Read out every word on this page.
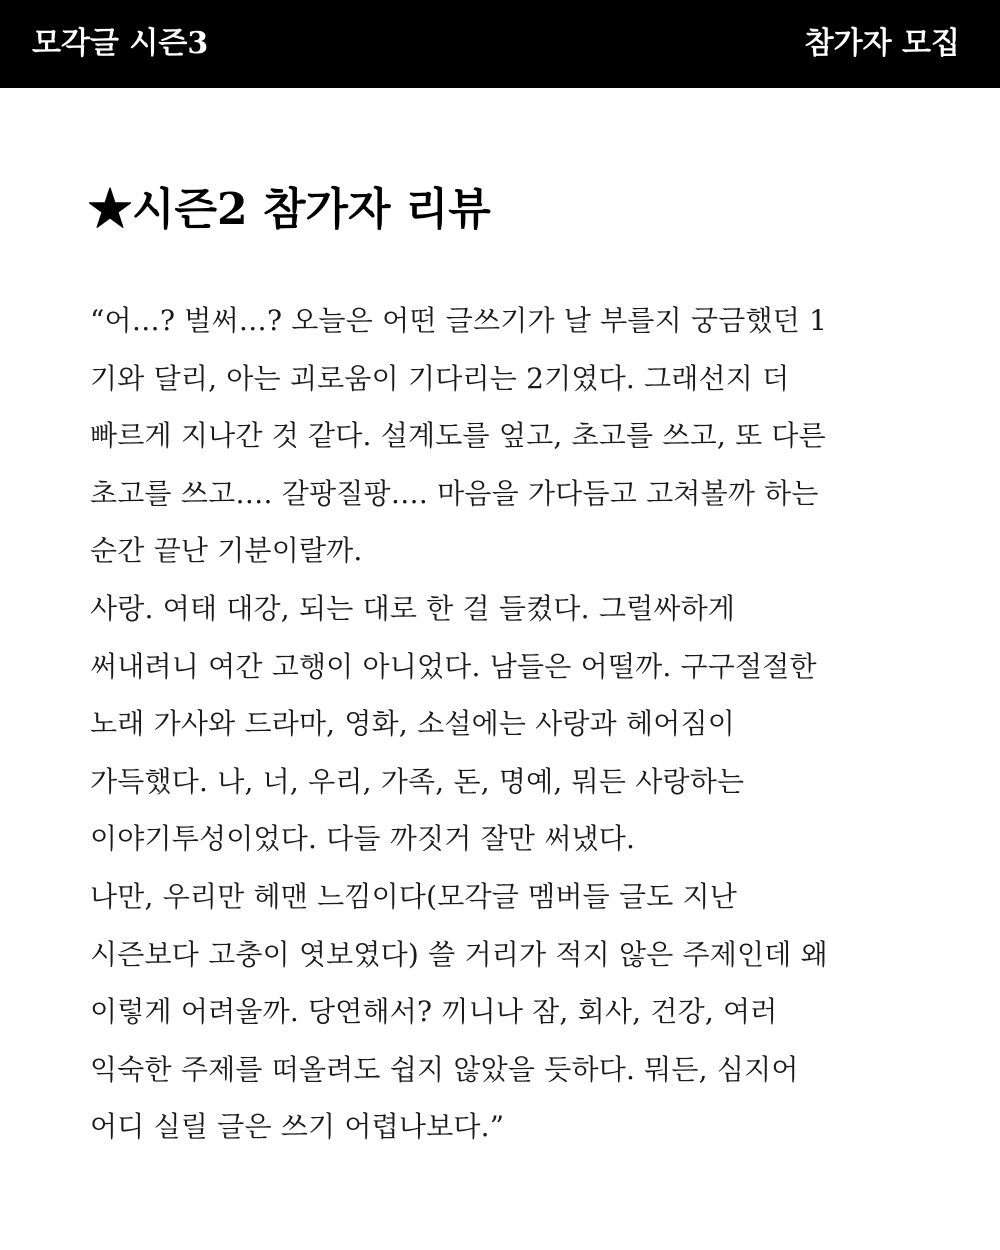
모각글 시즌3	참가자 모집
★시즌2 참가자 리뷰
“어…? 벌써…? 오늘은 어떤 글쓰기가 날 부를지 궁금했던 1
기와 달리, 아는 괴로움이 기다리는 2기였다. 그래선지 더
빠르게 지나간 것 같다. 설계도를 엎고, 초고를 쓰고, 또 다른
초고를 쓰고…. 갈팡질팡…. 마음을 가다듬고 고쳐볼까 하는
순간 끝난 기분이랄까.
사랑. 여태 대강, 되는 대로 한 걸 들켰다. 그럴싸하게
써내려니 여간 고행이 아니었다. 남들은 어떨까. 구구절절한
노래 가사와 드라마, 영화, 소설에는 사랑과 헤어짐이
가득했다. 나, 너, 우리, 가족, 돈, 명예, 뭐든 사랑하는
이야기투성이었다. 다들 까짓거 잘만 써냈다.
나만, 우리만 헤맨 느낌이다(모각글 멤버들 글도 지난
시즌보다 고충이 엿보였다) 쓸 거리가 적지 않은 주제인데 왜
이렇게 어려울까. 당연해서? 끼니나 잠, 회사, 건강, 여러
익숙한 주제를 떠올려도 쉽지 않았을 듯하다. 뭐든, 심지어
어디 실릴 글은 쓰기 어렵나보다.”
